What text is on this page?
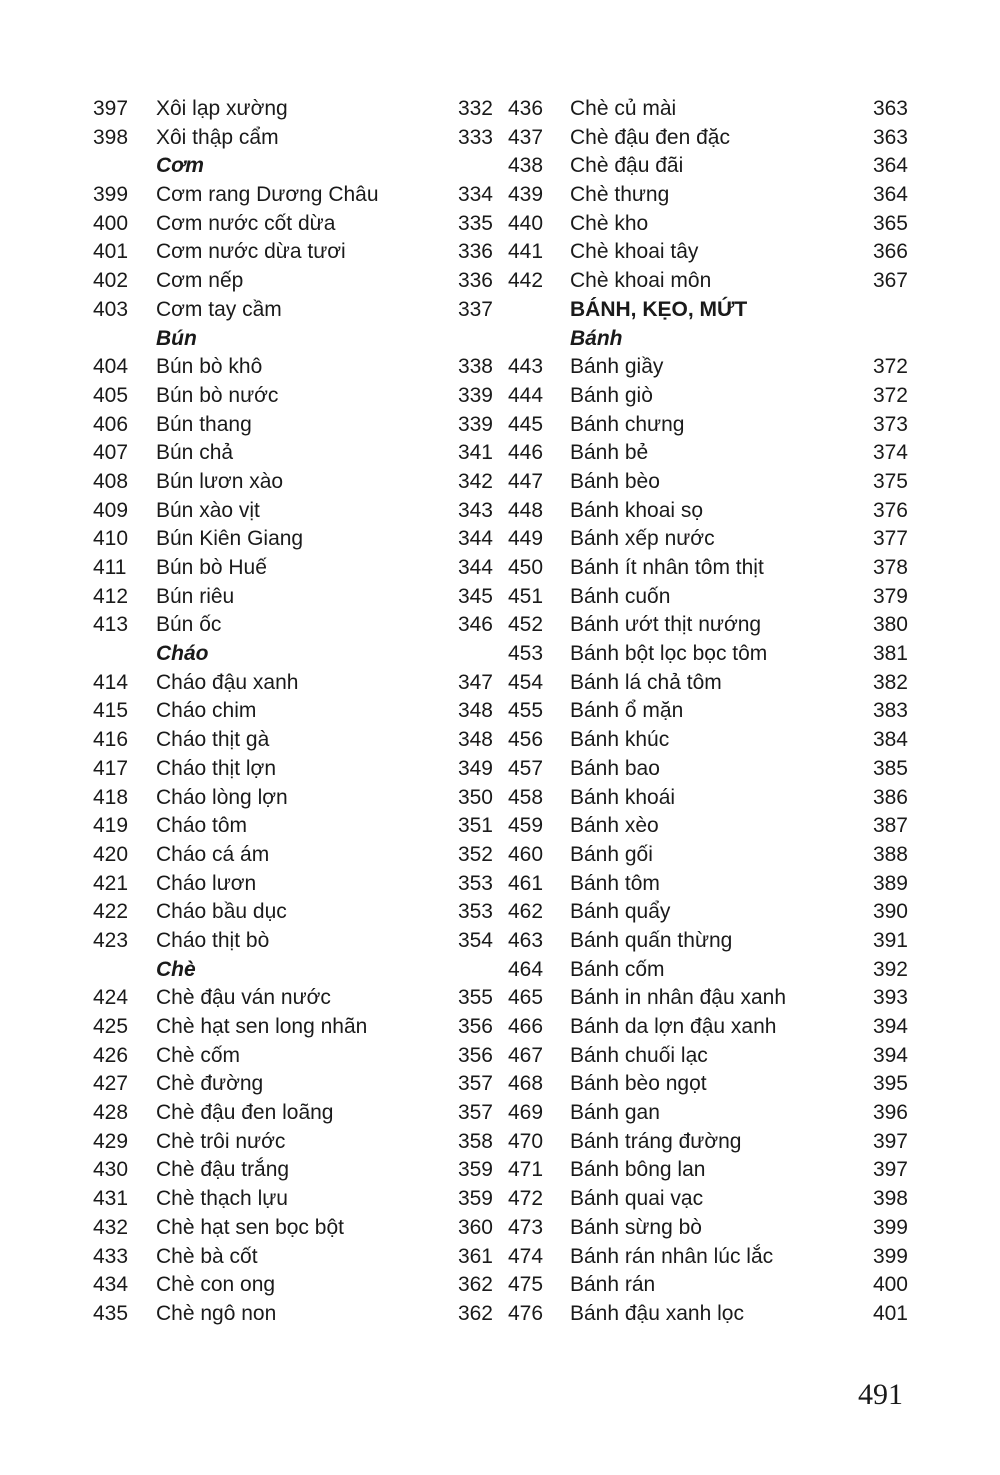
397 Xôi lạp xường	332
398 Xôi thập cẩm	333
Cơm
399 Cơm rang Dương Châu	334
400 Cơm nước cốt dừa	335
401 Cơm nước dừa tươi	336
402 Cơm nếp	336
403 Cơm tay cầm	337
Bún
404 Bún bò khô	338
405 Bún bò nước	339
406 Bún thang	339
407 Bún chả	341
408 Bún lươn xào	342
409 Bún xào vịt	343
410 Bún Kiên Giang	344
411 Bún bò Huế	344
412 Bún riêu	345
413 Bún ốc	346
Cháo
414 Cháo đậu xanh	347
415 Cháo chim	348
416 Cháo thịt gà	348
417 Cháo thịt lợn	349
418 Cháo lòng lợn	350
419 Cháo tôm	351
420 Cháo cá ám	352
421 Cháo lươn	353
422 Cháo bầu dục	353
423 Cháo thịt bò	354
Chè
424 Chè đậu ván nước	355
425 Chè hạt sen long nhãn	356
426 Chè cốm	356
427 Chè đường	357
428 Chè đậu đen loãng	357
429 Chè trôi nước	358
430 Chè đậu trắng	359
431 Chè thạch lựu	359
432 Chè hạt sen bọc bột	360
433 Chè bà cốt	361
434 Chè con ong	362
435 Chè ngô non	362
436 Chè củ mài	363
437 Chè đậu đen đặc	363
438 Chè đậu đãi	364
439 Chè thưng	364
440 Chè kho	365
441 Chè khoai tây	366
442 Chè khoai môn	367
BÁNH, KẸO, MỨT
Bánh
443 Bánh giầy	372
444 Bánh giò	372
445 Bánh chưng	373
446 Bánh bẻ	374
447 Bánh bèo	375
448 Bánh khoai sọ	376
449 Bánh xếp nước	377
450 Bánh ít nhân tôm thịt	378
451 Bánh cuốn	379
452 Bánh ướt thịt nướng	380
453 Bánh bột lọc bọc tôm	381
454 Bánh lá chả tôm	382
455 Bánh ổ mặn	383
456 Bánh khúc	384
457 Bánh bao	385
458 Bánh khoái	386
459 Bánh xèo	387
460 Bánh gối	388
461 Bánh tôm	389
462 Bánh quẩy	390
463 Bánh quấn thừng	391
464 Bánh cốm	392
465 Bánh in nhân đậu xanh	393
466 Bánh da lợn đậu xanh	394
467 Bánh chuối lạc	394
468 Bánh bèo ngọt	395
469 Bánh gan	396
470 Bánh tráng đường	397
471 Bánh bông lan	397
472 Bánh quai vạc	398
473 Bánh sừng bò	399
474 Bánh rán nhân lúc lắc	399
475 Bánh rán	400
476 Bánh đậu xanh lọc	401
491
